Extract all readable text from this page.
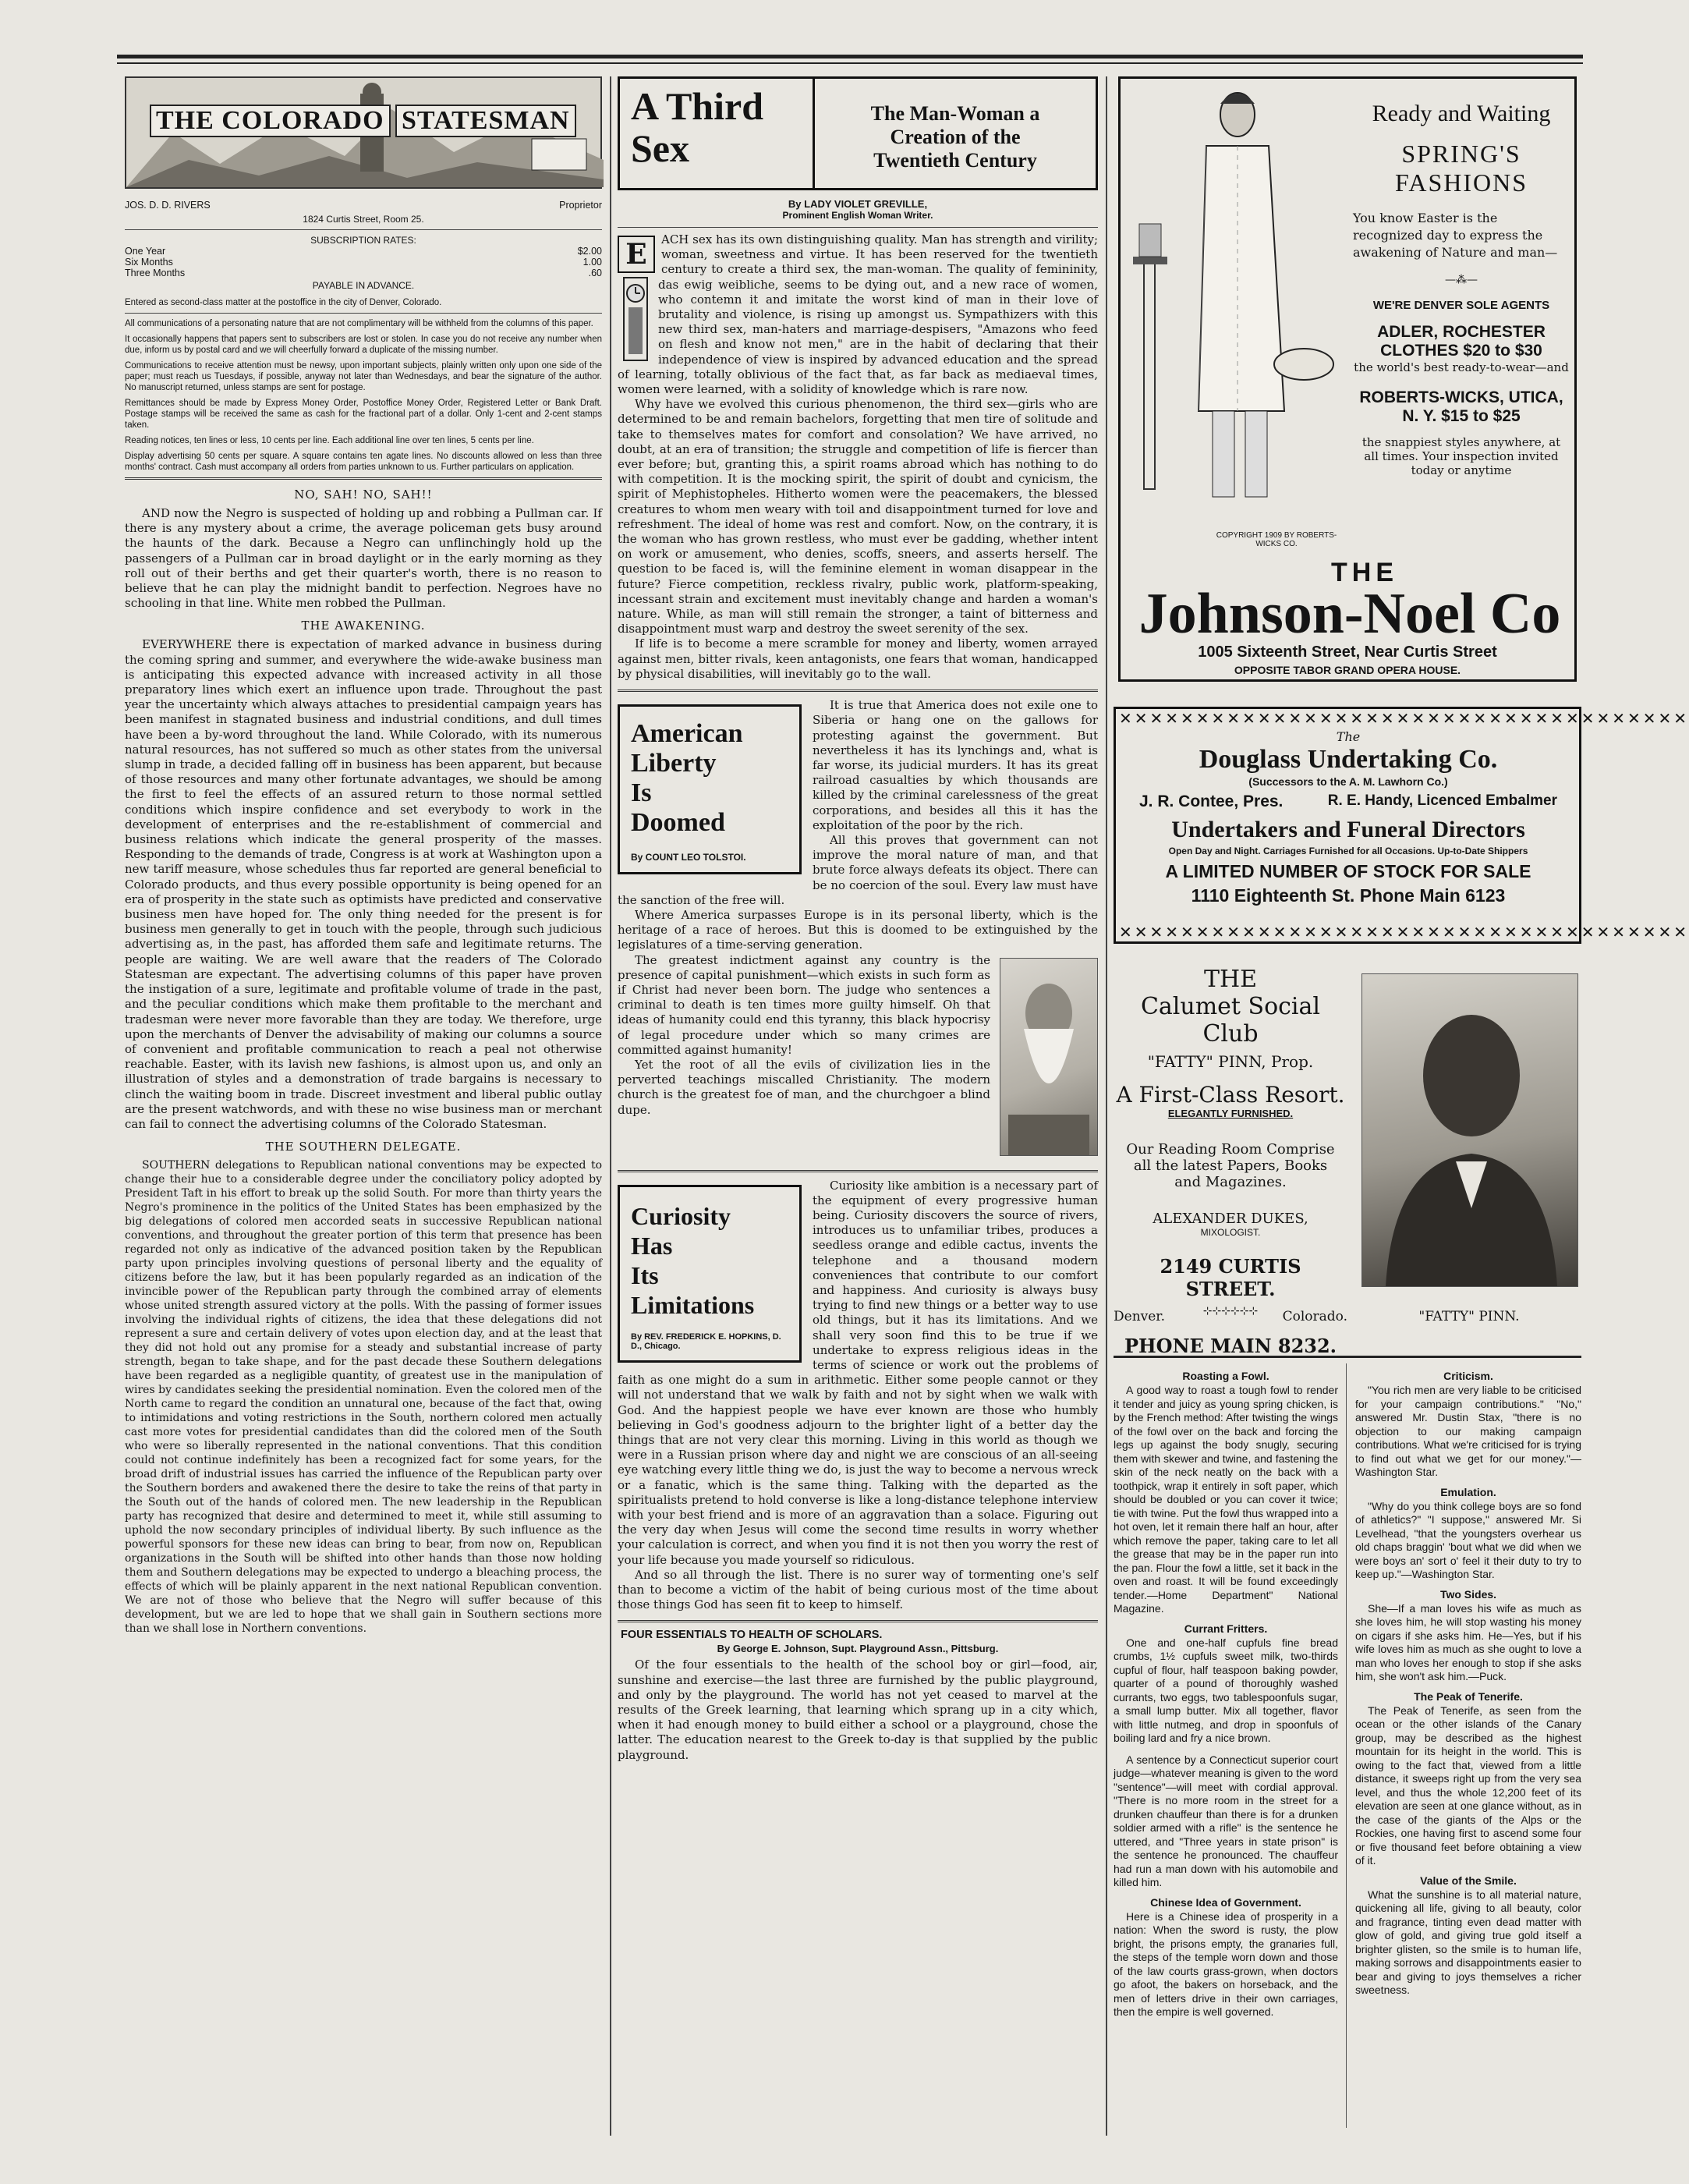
THE COLORADO STATESMAN
JOS. D. D. RIVERS	Proprietor
1824 Curtis Street, Room 25.
SUBSCRIPTION RATES:
One Year	$2.00
Six Months	1.00
Three Months	.60
PAYABLE IN ADVANCE.

Entered as second-class matter at the postoffice in the city of Denver, Colorado.

All communications of a personating nature that are not complimentary will be withheld from the columns of this paper.

It occasionally happens that papers sent to subscribers are lost or stolen. In case you do not receive any number when due, inform us by postal card and we will cheerfully forward a duplicate of the missing number.

Communications to receive attention must be newsy, upon important subjects, plainly written only upon one side of the paper; must reach us Tuesdays, if possible, anyway not later than Wednesdays, and bear the signature of the author. No manuscript returned, unless stamps are sent for postage.

Remittances should be made by Express Money Order, Postoffice Money Order, Registered Letter or Bank Draft. Postage stamps will be received the same as cash for the fractional part of a dollar. Only 1-cent and 2-cent stamps taken.

Reading notices, ten lines or less, 10 cents per line. Each additional line over ten lines, 5 cents per line.

Display advertising 50 cents per square. A square contains ten agate lines. No discounts allowed on less than three months' contract. Cash must accompany all orders from parties unknown to us. Further particulars on application.

NO, SAH! NO, SAH!!

AND now the Negro is suspected of holding up and robbing a Pullman car. If there is any mystery about a crime, the average policeman gets busy around the haunts of the dark. Because a Negro can unflinchingly hold up the passengers of a Pullman car in broad daylight or in the early morning as they roll out of their berths and get their quarter's worth, there is no reason to believe that he can play the midnight bandit to perfection. Negroes have no schooling in that line. White men robbed the Pullman.

THE AWAKENING.

EVERYWHERE there is expectation of marked advance in business during the coming spring and summer, and everywhere the wide-awake business man is anticipating this expected advance with increased activity in all those preparatory lines which exert an influence upon trade. Throughout the past year the uncertainty which always attaches to presidential campaign years has been manifest in stagnated business and industrial conditions, and dull times have been a by-word throughout the land. While Colorado, with its numerous natural resources, has not suffered so much as other states from the universal slump in trade, a decided falling off in business has been apparent, but because of those resources and many other fortunate advantages, we should be among the first to feel the effects of an assured return to those normal settled conditions which inspire confidence and set everybody to work in the development of enterprises and the re-establishment of commercial and business relations which indicate the general prosperity of the masses. Responding to the demands of trade, Congress is at work at Washington upon a new tariff measure, whose schedules thus far reported are general beneficial to Colorado products, and thus every possible opportunity is being opened for an era of prosperity in the state such as optimists have predicted and conservative business men have hoped for. The only thing needed for the present is for business men generally to get in touch with the people, through such judicious advertising as, in the past, has afforded them safe and legitimate returns. The people are waiting. We are well aware that the readers of The Colorado Statesman are expectant. The advertising columns of this paper have proven the instigation of a sure, legitimate and profitable volume of trade in the past, and the peculiar conditions which make them profitable to the merchant and tradesman were never more favorable than they are today. We therefore, urge upon the merchants of Denver the advisability of making our columns a source of convenient and profitable communication to reach a peal not otherwise reachable. Easter, with its lavish new fashions, is almost upon us, and only an illustration of styles and a demonstration of trade bargains is necessary to clinch the waiting boom in trade. Discreet investment and liberal public outlay are the present watchwords, and with these no wise business man or merchant can fail to connect the advertising columns of the Colorado Statesman.

THE SOUTHERN DELEGATE.

SOUTHERN delegations to Republican national conventions may be expected to change their hue to a considerable degree under the conciliatory policy adopted by President Taft in his effort to break up the solid South. For more than thirty years the Negro's prominence in the politics of the United States has been emphasized by the big delegations of colored men accorded seats in successive Republican national conventions, and throughout the greater portion of this term that presence has been regarded not only as indicative of the advanced position taken by the Republican party upon principles involving questions of personal liberty and the equality of citizens before the law, but it has been popularly regarded as an indication of the invincible power of the Republican party through the combined array of elements whose united strength assured victory at the polls. With the passing of former issues involving the individual rights of citizens, the idea that these delegations did not represent a sure and certain delivery of votes upon election day, and at the least that they did not hold out any promise for a steady and substantial increase of party strength, began to take shape, and for the past decade these Southern delegations have been regarded as a negligible quantity, of greatest use in the manipulation of wires by candidates seeking the presidential nomination. Even the colored men of the North came to regard the condition an unnatural one, because of the fact that, owing to intimidations and voting restrictions in the South, northern colored men actually cast more votes for presidential candidates than did the colored men of the South who were so liberally represented in the national conventions. That this condition could not continue indefinitely has been a recognized fact for some years, for the broad drift of industrial issues has carried the influence of the Republican party over the Southern borders and awakened there the desire to take the reins of that party in the South out of the hands of colored men. The new leadership in the Republican party has recognized that desire and determined to meet it, while still assuming to uphold the now secondary principles of individual liberty. By such influence as the powerful sponsors for these new ideas can bring to bear, from now on, Republican organizations in the South will be shifted into other hands than those now holding them and Southern delegations may be expected to undergo a bleaching process, the effects of which will be plainly apparent in the next national Republican convention. We are not of those who believe that the Negro will suffer because of this development, but we are led to hope that we shall gain in Southern sections more than we shall lose in Northern conventions.

A Third
Sex
The Man-Woman a
Creation of the
Twentieth Century
By LADY VIOLET GREVILLE,
Prominent English Woman Writer.
E	ACH sex has its own distinguishing quality. Man has strength and virility; woman, sweetness and virtue. It has been reserved for the twentieth century to create a third sex, the man-woman. The quality of femininity, das ewig weibliche, seems to be dying out, and a new race of women, who contemn it and imitate the worst kind of man in their love of brutality and violence, is rising up amongst us. Sympathizers with this new third sex, man-haters and marriage-despisers, "Amazons who feed on flesh and know not men," are in the habit of declaring that their independence of view is inspired by advanced education and the spread of learning, totally oblivious of the fact that, as far back as mediaeval times, women were learned, with a solidity of knowledge which is rare now.

Why have we evolved this curious phenomenon, the third sex—girls who are determined to be and remain bachelors, forgetting that men tire of solitude and take to themselves mates for comfort and consolation? We have arrived, no doubt, at an era of transition; the struggle and competition of life is fiercer than ever before; but, granting this, a spirit roams abroad which has nothing to do with competition. It is the mocking spirit, the spirit of doubt and cynicism, the spirit of Mephistopheles. Hitherto women were the peacemakers, the blessed creatures to whom men weary with toil and disappointment turned for love and refreshment. The ideal of home was rest and comfort. Now, on the contrary, it is the woman who has grown restless, who must ever be gadding, whether intent on work or amusement, who denies, scoffs, sneers, and asserts herself. The question to be faced is, will the feminine element in woman disappear in the future? Fierce competition, reckless rivalry, public work, platform-speaking, incessant strain and excitement must inevitably change and harden a woman's nature. While, as man will still remain the stronger, a taint of bitterness and disappointment must warp and destroy the sweet serenity of the sex.

If life is to become a mere scramble for money and liberty, women arrayed against men, bitter rivals, keen antagonists, one fears that woman, handicapped by physical disabilities, will inevitably go to the wall.

American
Liberty
Is
Doomed
By COUNT LEO TOLSTOI.

It is true that America does not exile one to Siberia or hang one on the gallows for protesting against the government. But nevertheless it has its lynchings and, what is far worse, its judicial murders. It has its great railroad casualties by which thousands are killed by the criminal carelessness of the great corporations, and besides all this it has the exploitation of the poor by the rich.

All this proves that government can not improve the moral nature of man, and that brute force always defeats its object. There can be no coercion of the soul. Every law must have the sanction of the free will.

Where America surpasses Europe is in its personal liberty, which is the heritage of a race of heroes. But this is doomed to be extinguished by the legislatures of a time-serving generation.

The greatest indictment against any country is the presence of capital punishment—which exists in such form as if Christ had never been born. The judge who sentences a criminal to death is ten times more guilty himself. Oh that ideas of humanity could end this tyranny, this black hypocrisy of legal procedure under which so many crimes are committed against humanity!

Yet the root of all the evils of civilization lies in the perverted teachings miscalled Christianity. The modern church is the greatest foe of man, and the churchgoer a blind dupe.

Curiosity
Has
Its
Limitations
By REV. FREDERICK E. HOPKINS, D. D., Chicago.

Curiosity like ambition is a necessary part of the equipment of every progressive human being. Curiosity discovers the source of rivers, introduces us to unfamiliar tribes, produces a seedless orange and edible cactus, invents the telephone and a thousand modern conveniences that contribute to our comfort and happiness. And curiosity is always busy trying to find new things or a better way to use old things, but it has its limitations. And we shall very soon find this to be true if we undertake to express religious ideas in the terms of science or work out the problems of faith as one might do a sum in arithmetic. Either some people cannot or they will not understand that we walk by faith and not by sight when we walk with God. And the happiest people we have ever known are those who humbly believing in God's goodness adjourn to the brighter light of a better day the things that are not very clear this morning. Living in this world as though we were in a Russian prison where day and night we are conscious of an all-seeing eye watching every little thing we do, is just the way to become a nervous wreck or a fanatic, which is the same thing. Talking with the departed as the spiritualists pretend to hold converse is like a long-distance telephone interview with your best friend and is more of an aggravation than a solace. Figuring out the very day when Jesus will come the second time results in worry whether your calculation is correct, and when you find it is not then you worry the rest of your life because you made yourself so ridiculous.

And so all through the list. There is no surer way of tormenting one's self than to become a victim of the habit of being curious most of the time about those things God has seen fit to keep to himself.

FOUR ESSENTIALS TO HEALTH OF SCHOLARS.
By George E. Johnson, Supt. Playground Assn., Pittsburg.

Of the four essentials to the health of the school boy or girl—food, air, sunshine and exercise—the last three are furnished by the public playground, and only by the playground. The world has not yet ceased to marvel at the results of the Greek learning, that learning which sprang up in a city which, when it had enough money to build either a school or a playground, chose the latter. The education nearest to the Greek to-day is that supplied by the public playground.

Ready and Waiting
SPRING'S
FASHIONS
You know Easter is the recognized day to express the awakening of Nature and man—
—⁂—
WE'RE DENVER SOLE AGENTS
ADLER, ROCHESTER
CLOTHES $20 to $30
the world's best ready-to-wear—and
ROBERTS-WICKS, UTICA,
N. Y. $15 to $25
the snappiest styles anywhere, at
all times. Your inspection invited
today or anytime
COPYRIGHT 1909 BY ROBERTS-WICKS CO.
THE
Johnson-Noel Co
1005 Sixteenth Street, Near Curtis Street
OPPOSITE TABOR GRAND OPERA HOUSE.
✕✕✕✕✕✕✕✕✕✕✕✕✕✕✕✕✕✕✕✕✕✕✕✕✕✕✕✕✕✕✕✕✕✕✕✕✕
✕✕✕✕✕✕✕✕✕✕✕✕✕✕✕✕✕✕✕✕✕✕✕✕✕✕✕✕✕✕✕✕✕✕✕✕✕
The
Douglass Undertaking Co.
(Successors to the A. M. Lawhorn Co.)
J. R. Contee, Pres.	R. E. Handy, Licenced Embalmer
Undertakers and Funeral Directors
Open Day and Night. Carriages Furnished for all Occasions. Up-to-Date Shippers
A LIMITED NUMBER OF STOCK FOR SALE
1110 Eighteenth St. Phone Main 6123
THE
Calumet Social Club
"FATTY" PINN, Prop.
A First-Class Resort.
ELEGANTLY FURNISHED.
Our Reading Room Comprise
all the latest Papers, Books
and Magazines.
ALEXANDER DUKES,
MIXOLOGIST.
2149 CURTIS STREET.
⊹⊹⊹⊹⊹⊹
PHONE MAIN 8232.
Denver.	Colorado.	"FATTY" PINN.
Roasting a Fowl.

A good way to roast a tough fowl to render it tender and juicy as young spring chicken, is by the French method: After twisting the wings of the fowl over on the back and forcing the legs up against the body snugly, securing them with skewer and twine, and fastening the skin of the neck neatly on the back with a toothpick, wrap it entirely in soft paper, which should be doubled or you can cover it twice; tie with twine. Put the fowl thus wrapped into a hot oven, let it remain there half an hour, after which remove the paper, taking care to let all the grease that may be in the paper run into the pan. Flour the fowl a little, set it back in the oven and roast. It will be found exceedingly tender.—Home Department" National Magazine.

Currant Fritters.

One and one-half cupfuls fine bread crumbs, 1½ cupfuls sweet milk, two-thirds cupful of flour, half teaspoon baking powder, quarter of a pound of thoroughly washed currants, two eggs, two tablespoonfuls sugar, a small lump butter. Mix all together, flavor with little nutmeg, and drop in spoonfuls of boiling lard and fry a nice brown.

A sentence by a Connecticut superior court judge—whatever meaning is given to the word "sentence"—will meet with cordial approval. "There is no more room in the street for a drunken chauffeur than there is for a drunken soldier armed with a rifle" is the sentence he uttered, and "Three years in state prison" is the sentence he pronounced. The chauffeur had run a man down with his automobile and killed him.

Chinese Idea of Government.

Here is a Chinese idea of prosperity in a nation: When the sword is rusty, the plow bright, the prisons empty, the granaries full, the steps of the temple worn down and those of the law courts grass-grown, when doctors go afoot, the bakers on horseback, and the men of letters drive in their own carriages, then the empire is well governed.

Criticism.

"You rich men are very liable to be criticised for your campaign contributions." "No," answered Mr. Dustin Stax, "there is no objection to our making campaign contributions. What we're criticised for is trying to find out what we get for our money."—Washington Star.

Emulation.

"Why do you think college boys are so fond of athletics?" "I suppose," answered Mr. Si Levelhead, "that the youngsters overhear us old chaps braggin' 'bout what we did when we were boys an' sort o' feel it their duty to try to keep up."—Washington Star.

Two Sides.

She—If a man loves his wife as much as she loves him, he will stop wasting his money on cigars if she asks him. He—Yes, but if his wife loves him as much as she ought to love a man who loves her enough to stop if she asks him, she won't ask him.—Puck.

The Peak of Tenerife.

The Peak of Tenerife, as seen from the ocean or the other islands of the Canary group, may be described as the highest mountain for its height in the world. This is owing to the fact that, viewed from a little distance, it sweeps right up from the very sea level, and thus the whole 12,200 feet of its elevation are seen at one glance without, as in the case of the giants of the Alps or the Rockies, one having first to ascend some four or five thousand feet before obtaining a view of it.

Value of the Smile.

What the sunshine is to all material nature, quickening all life, giving to all beauty, color and fragrance, tinting even dead matter with glow of gold, and giving true gold itself a brighter glisten, so the smile is to human life, making sorrows and disappointments easier to bear and giving to joys themselves a richer sweetness.
